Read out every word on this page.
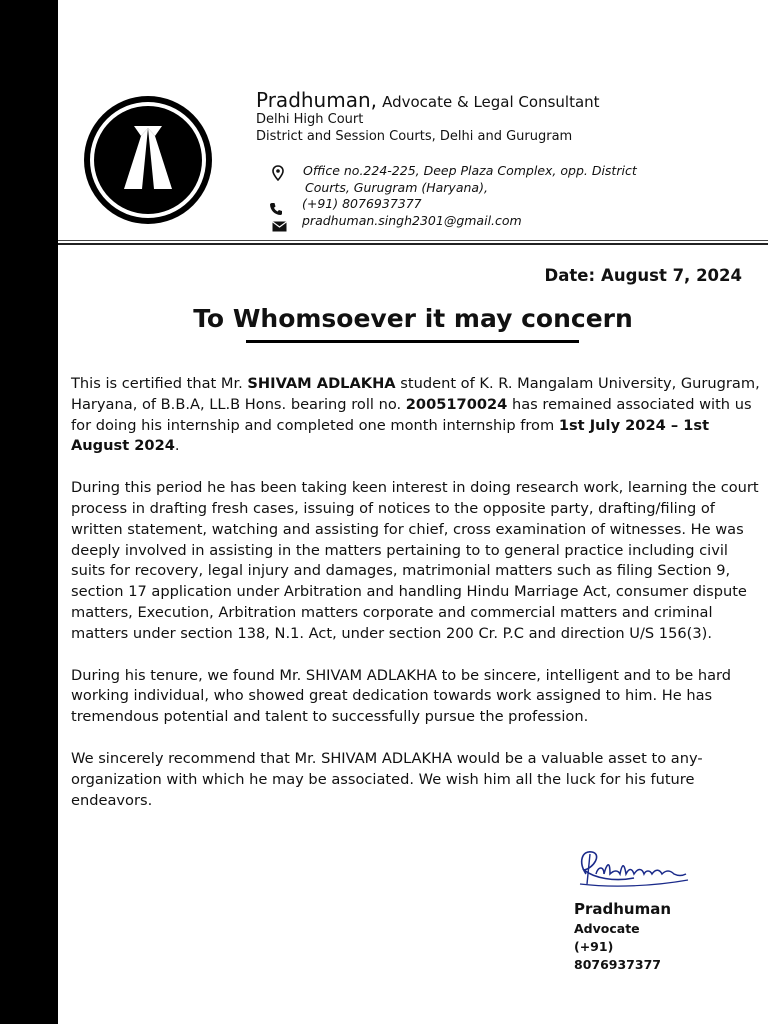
Pradhuman, Advocate & Legal Consultant
Delhi High Court
District and Session Courts, Delhi and Gurugram
Office no.224-225, Deep Plaza Complex, opp. District
Courts, Gurugram (Haryana),
(+91) 8076937377
pradhuman.singh2301@gmail.com
Date: August 7, 2024
To Whomsoever it may concern

This is certified that Mr. SHIVAM ADLAKHA student of K. R. Mangalam University, Gurugram, Haryana, of B.B.A, LL.B Hons. bearing roll no. 2005170024 has remained associated with us for doing his internship and completed one month internship from 1st July 2024 – 1st August 2024.

During this period he has been taking keen interest in doing research work, learning the court process in drafting fresh cases, issuing of notices to the opposite party, drafting/filing of written statement, watching and assisting for chief, cross examination of witnesses. He was deeply involved in assisting in the matters pertaining to to general practice including civil suits for recovery, legal injury and damages, matrimonial matters such as filing Section 9, section 17 application under Arbitration and handling Hindu Marriage Act, consumer dispute matters, Execution, Arbitration matters corporate and commercial matters and criminal matters under section 138, N.1. Act, under section 200 Cr. P.C and direction U/S 156(3).

During his tenure, we found Mr. SHIVAM ADLAKHA to be sincere, intelligent and to be hard working individual, who showed great dedication towards work assigned to him. He has tremendous potential and talent to successfully pursue the profession.

We sincerely recommend that Mr. SHIVAM ADLAKHA would be a valuable asset to any-organization with which he may be associated. We wish him all the luck for his future endeavors.

Pradhuman
Advocate
(+91)
8076937377
